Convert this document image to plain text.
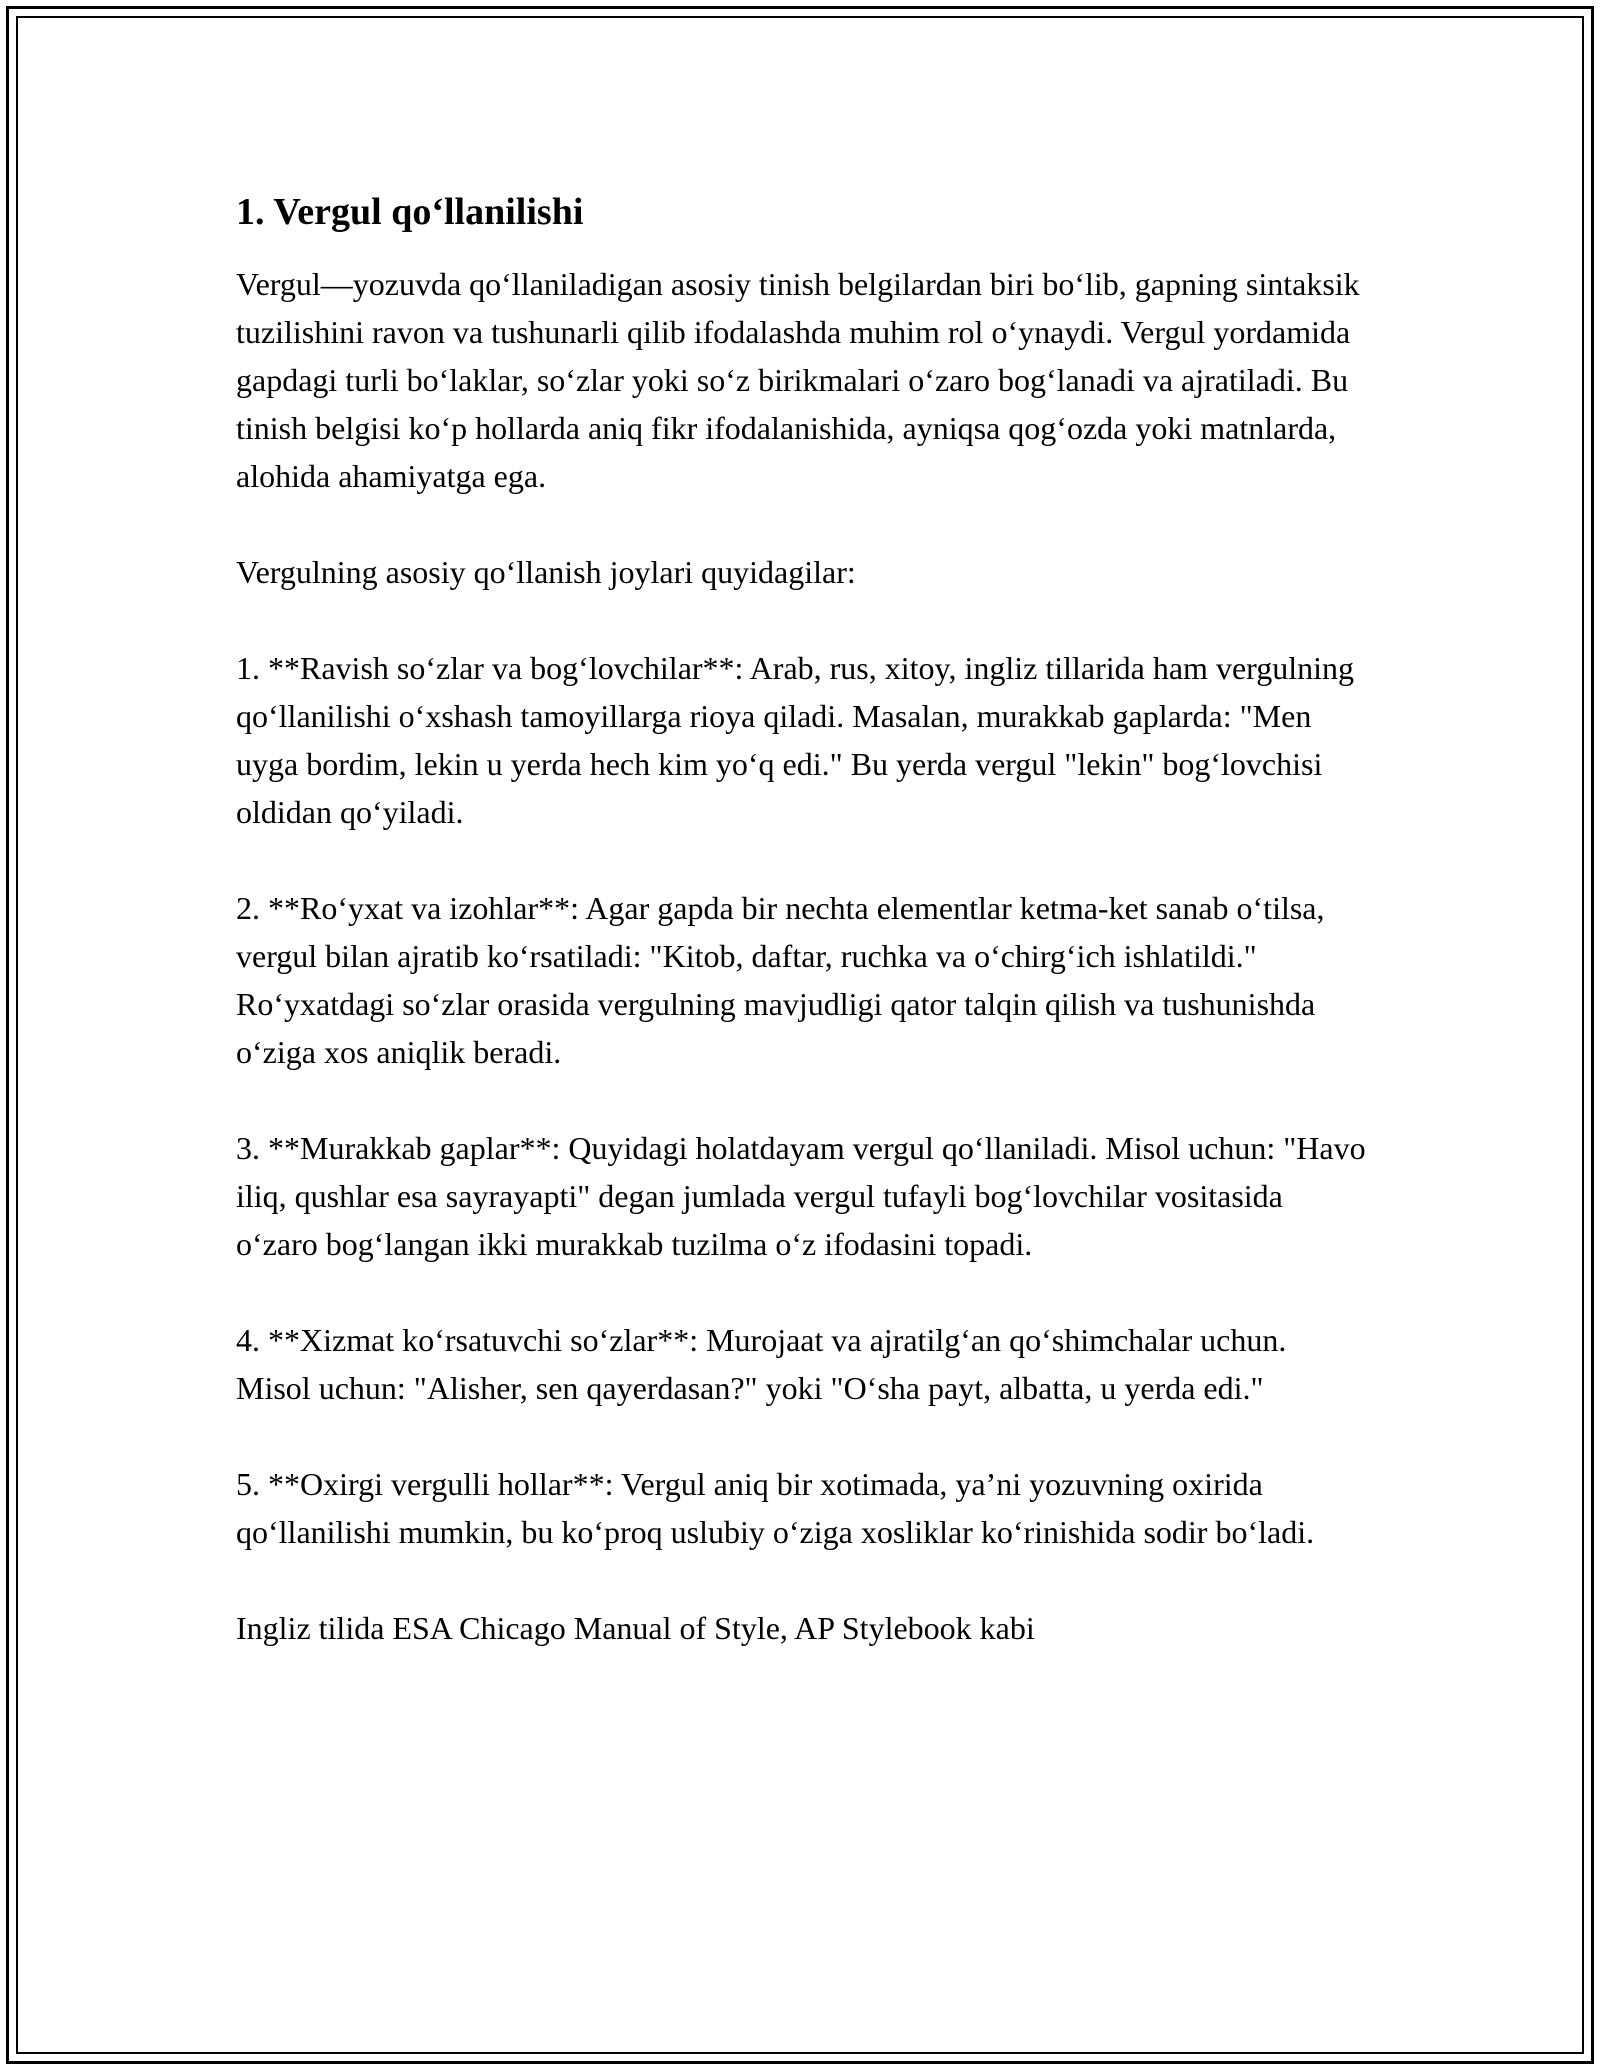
1. Vergul qo‘llanilishi

Vergul—yozuvda qo‘llaniladigan asosiy tinish belgilardan biri bo‘lib, gapning sintaksik tuzilishini ravon va tushunarli qilib ifodalashda muhim rol o‘ynaydi. Vergul yordamida gapdagi turli bo‘laklar, so‘zlar yoki so‘z birikmalari o‘zaro bog‘lanadi va ajratiladi. Bu tinish belgisi ko‘p hollarda aniq fikr ifodalanishida, ayniqsa qog‘ozda yoki matnlarda, alohida ahamiyatga ega.

Vergulning asosiy qo‘llanish joylari quyidagilar:

1. **Ravish so‘zlar va bog‘lovchilar**: Arab, rus, xitoy, ingliz tillarida ham vergulning qo‘llanilishi o‘xshash tamoyillarga rioya qiladi. Masalan, murakkab gaplarda: "Men uyga bordim, lekin u yerda hech kim yo‘q edi." Bu yerda vergul "lekin" bog‘lovchisi oldidan qo‘yiladi.

2. **Ro‘yxat va izohlar**: Agar gapda bir nechta elementlar ketma-ket sanab o‘tilsa, vergul bilan ajratib ko‘rsatiladi: "Kitob, daftar, ruchka va o‘chirg‘ich ishlatildi." Ro‘yxatdagi so‘zlar orasida vergulning mavjudligi qator talqin qilish va tushunishda o‘ziga xos aniqlik beradi.

3. **Murakkab gaplar**: Quyidagi holatdayam vergul qo‘llaniladi. Misol uchun: "Havo iliq, qushlar esa sayrayapti" degan jumlada vergul tufayli bog‘lovchilar vositasida o‘zaro bog‘langan ikki murakkab tuzilma o‘z ifodasini topadi.

4. **Xizmat ko‘rsatuvchi so‘zlar**: Murojaat va ajratilg‘an qo‘shimchalar uchun. Misol uchun: "Alisher, sen qayerdasan?" yoki "O‘sha payt, albatta, u yerda edi."

5. **Oxirgi vergulli hollar**: Vergul aniq bir xotimada, ya’ni yozuvning oxirida qo‘llanilishi mumkin, bu ko‘proq uslubiy o‘ziga xosliklar ko‘rinishida sodir bo‘ladi.

Ingliz tilida ESA Chicago Manual of Style, AP Stylebook kabi
